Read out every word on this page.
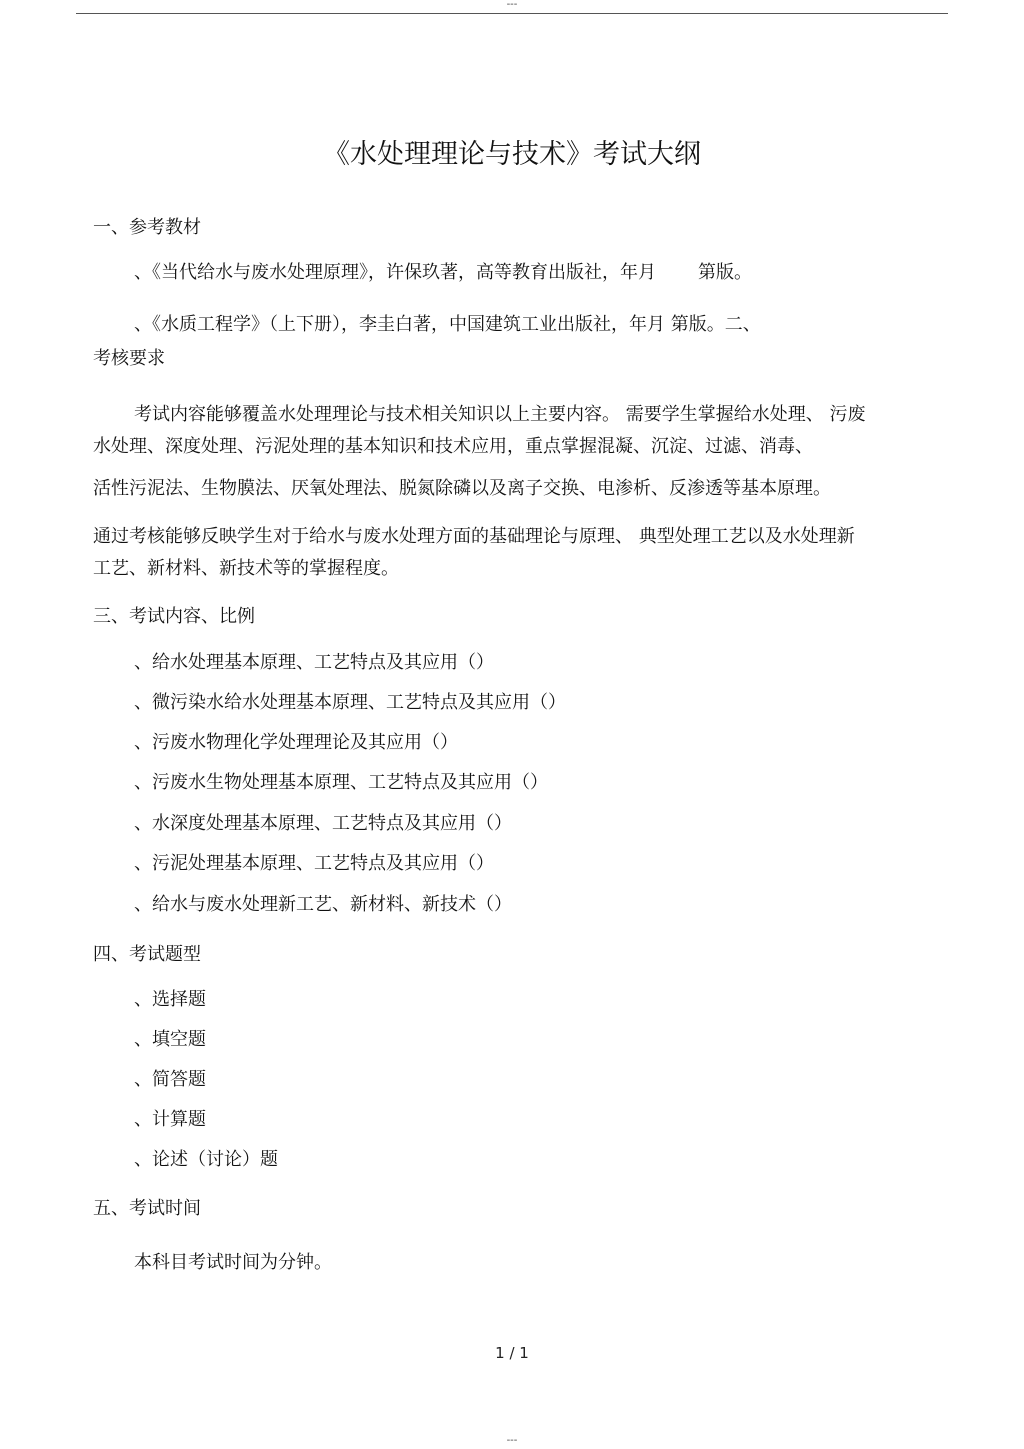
---
《水处理理论与技术》考试大纲
一、参考教材
、《当代给水与废水处理原理》，许保玖著，高等教育出版社，年月 第版。
、《水质工程学》（上下册），李圭白著，中国建筑工业出版社，年月 第版。二、
考核要求
考试内容能够覆盖水处理理论与技术相关知识以上主要内容。 需要学生掌握给水处理、 污废
水处理、深度处理、污泥处理的基本知识和技术应用，重点掌握混凝、沉淀、过滤、消毒、
活性污泥法、生物膜法、厌氧处理法、脱氮除磷以及离子交换、电渗析、反渗透等基本原理。
通过考核能够反映学生对于给水与废水处理方面的基础理论与原理、 典型处理工艺以及水处理新
工艺、新材料、新技术等的掌握程度。
三、考试内容、比例
、给水处理基本原理、工艺特点及其应用（）
、微污染水给水处理基本原理、工艺特点及其应用（）
、污废水物理化学处理理论及其应用（）
、污废水生物处理基本原理、工艺特点及其应用（）
、水深度处理基本原理、工艺特点及其应用（）
、污泥处理基本原理、工艺特点及其应用（）
、给水与废水处理新工艺、新材料、新技术（）
四、考试题型
、选择题
、填空题
、简答题
、计算题
、论述（讨论）题
五、考试时间
本科目考试时间为分钟。
1 / 1
---
